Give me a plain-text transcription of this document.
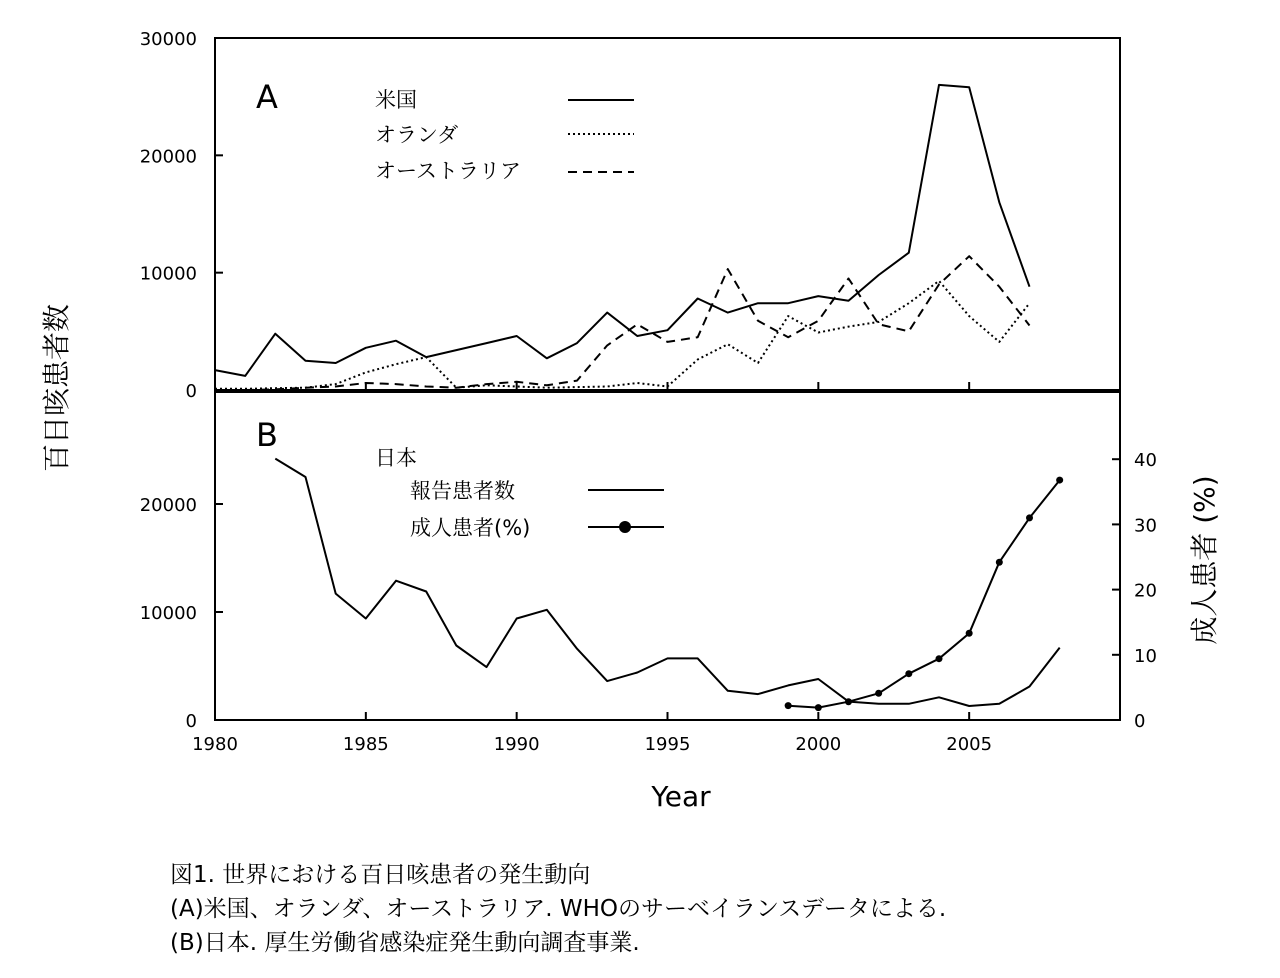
0
10000
20000
30000
0
10000
20000
0
10
20
30
40
1980	1985	1990	1995	2000	2005
A
B
米国
オランダ
オーストラリア
日本
報告患者数
成人患者(%)
Year
百日咳患者数
成人患者 (%)
図1. 世界における百日咳患者の発生動向
(A)米国、オランダ、オーストラリア. WHOのサーベイランスデータによる.
(B)日本. 厚生労働省感染症発生動向調査事業.
